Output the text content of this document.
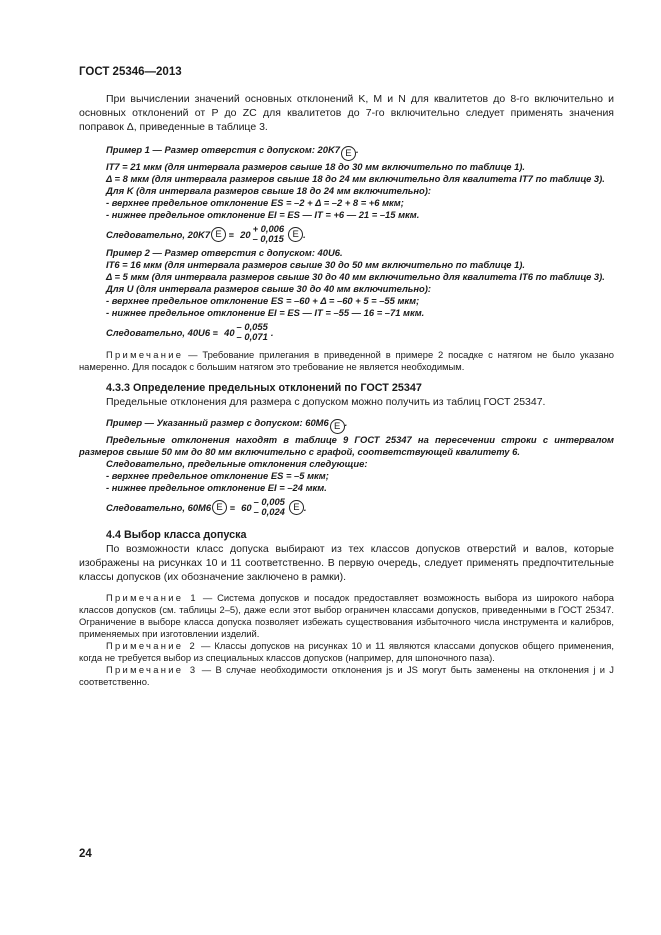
ГОСТ 25346—2013

При вычислении значений основных отклонений K, M и N для квалитетов до 8-го включительно и основных отклонений от P до ZC для квалитетов до 7-го включительно следует применять значения поправок Δ, приведенные в таблице 3.

Пример 1 — Размер отверстия с допуском: 20K7 E .

IT7 = 21 мкм (для интервала размеров свыше 18 до 30 мм включительно по таблице 1).

Δ = 8 мкм (для интервала размеров свыше 18 до 24 мм включительно для квалитета IT7 по таблице 3).

Для K (для интервала размеров свыше 18 до 24 мм включительно):

- верхнее предельное отклонение ES = –2 + Δ = –2 + 8 = +6 мкм;

- нижнее предельное отклонение EI = ES — IT = +6 — 21 = –15 мкм.

Следовательно, 20K7 E
≡ 20 + 0,006
– 0,015 E .

Пример 2 — Размер отверстия с допуском: 40U6.

IT6 = 16 мкм (для интервала размеров свыше 30 до 50 мм включительно по таблице 1).

Δ = 5 мкм (для интервала размеров свыше 30 до 40 мм включительно для квалитета IT6 по таблице 3).

Для U (для интервала размеров свыше 30 до 40 мм включительно):

- верхнее предельное отклонение ES = –60 + Δ = –60 + 5 = –55 мкм;

- нижнее предельное отклонение EI = ES — IT = –55 — 16 = –71 мкм.

Следовательно, 40U6 ≡ 40 – 0,055
– 0,071 .

Примечание — Требование прилегания в приведенной в примере 2 посадке с натягом не было указано намеренно. Для посадок с большим натягом это требование не является необходимым.

4.3.3 Определение предельных отклонений по ГОСТ 25347

Предельные отклонения для размера с допуском можно получить из таблиц ГОСТ 25347.

Пример — Указанный размер с допуском: 60M6 E .

Предельные отклонения находят в таблице 9 ГОСТ 25347 на пересечении строки с интервалом размеров свыше 50 мм до 80 мм включительно с графой, соответствующей квалитету 6.

Следовательно, предельные отклонения следующие:

- верхнее предельное отклонение ES = –5 мкм;

- нижнее предельное отклонение EI = –24 мкм.

Следовательно, 60M6 E
≡ 60 – 0,005
– 0,024 E .
4.4 Выбор класса допуска

По возможности класс допуска выбирают из тех классов допусков отверстий и валов, которые изображены на рисунках 10 и 11 соответственно. В первую очередь, следует применять предпочтительные классы допусков (их обозначение заключено в рамки).

Примечание 1 — Система допусков и посадок предоставляет возможность выбора из широкого набора классов допусков (см. таблицы 2–5), даже если этот выбор ограничен классами допусков, приведенными в ГОСТ 25347. Ограничение в выборе класса допуска позволяет избежать существования избыточного числа инструмента и калибров, применяемых при изготовлении изделий.

Примечание 2 — Классы допусков на рисунках 10 и 11 являются классами допусков общего применения, когда не требуется выбор из специальных классов допусков (например, для шпоночного паза).

Примечание 3 — В случае необходимости отклонения js и JS могут быть заменены на отклонения j и J соответственно.

24
